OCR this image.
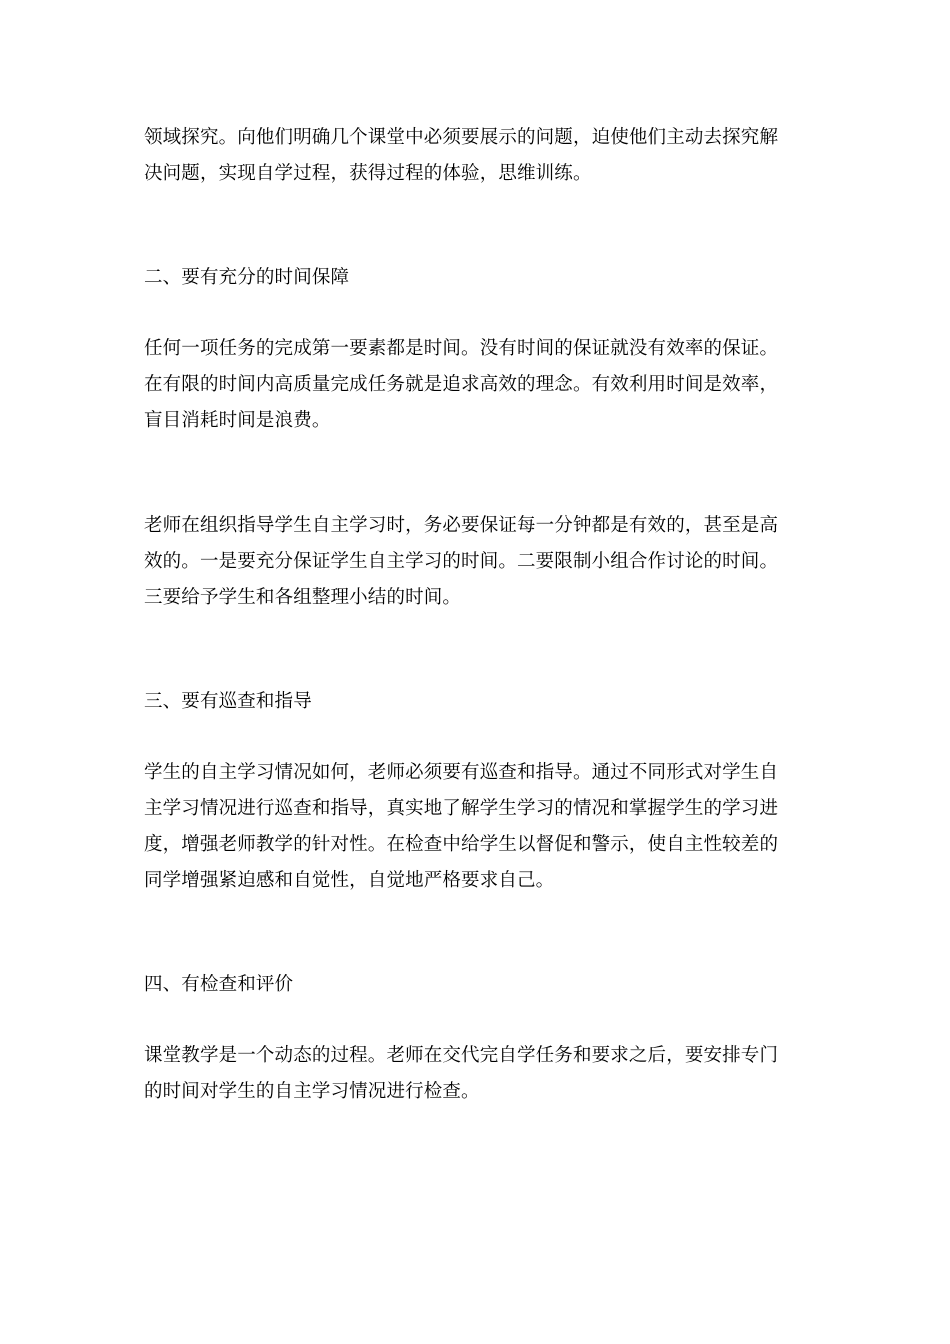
领域探究。向他们明确几个课堂中必须要展示的问题，迫使他们主动去探究解
决问题，实现自学过程，获得过程的体验，思维训练。
二、要有充分的时间保障
任何一项任务的完成第一要素都是时间。没有时间的保证就没有效率的保证。
在有限的时间内高质量完成任务就是追求高效的理念。有效利用时间是效率，
盲目消耗时间是浪费。
老师在组织指导学生自主学习时，务必要保证每一分钟都是有效的，甚至是高
效的。一是要充分保证学生自主学习的时间。二要限制小组合作讨论的时间。
三要给予学生和各组整理小结的时间。
三、要有巡查和指导
学生的自主学习情况如何，老师必须要有巡查和指导。通过不同形式对学生自
主学习情况进行巡查和指导，真实地了解学生学习的情况和掌握学生的学习进
度，增强老师教学的针对性。在检查中给学生以督促和警示，使自主性较差的
同学增强紧迫感和自觉性，自觉地严格要求自己。
四、有检查和评价
课堂教学是一个动态的过程。老师在交代完自学任务和要求之后，要安排专门
的时间对学生的自主学习情况进行检查。
